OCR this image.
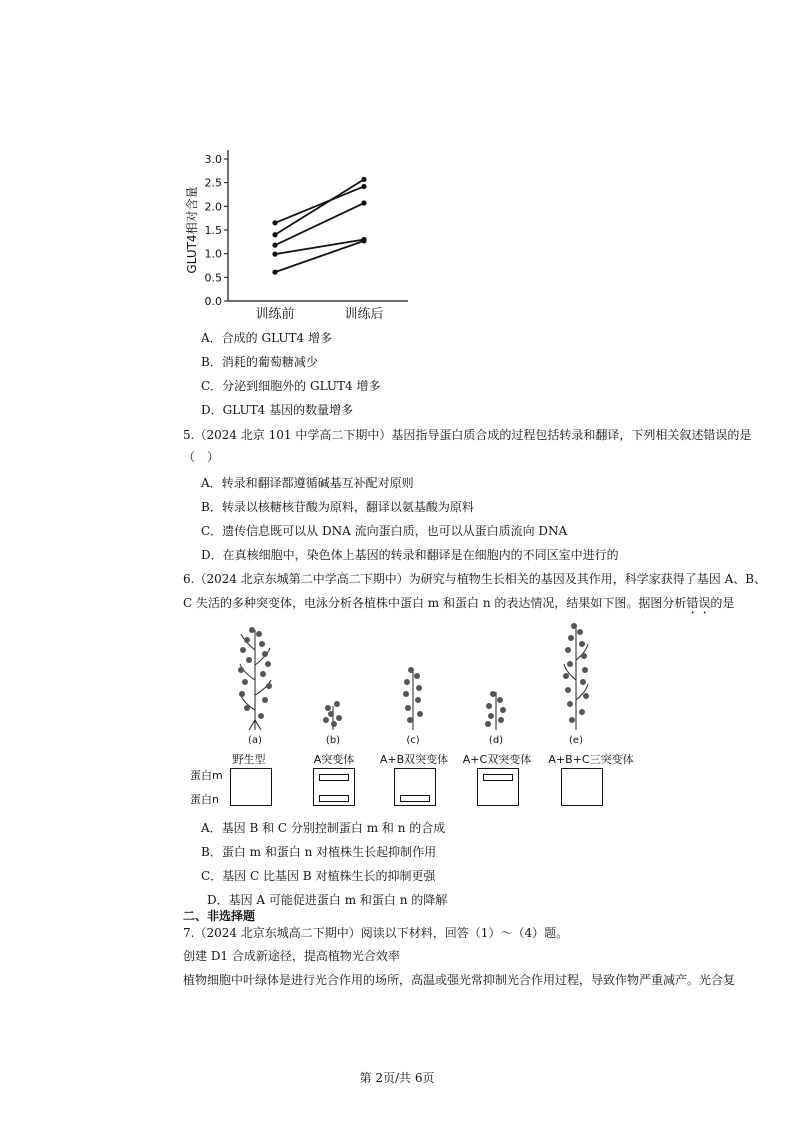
0.0
0.5
1.0
1.5
2.0
2.5
3.0
训练前	训练后
GLUT4相对含量
A．合成的 GLUT4 增多
B．消耗的葡萄糖减少
C．分泌到细胞外的 GLUT4 增多
D．GLUT4 基因的数量增多
5.（2024 北京 101 中学高二下期中）基因指导蛋白质合成的过程包括转录和翻译，下列相关叙述错误的是
（　）
A．转录和翻译都遵循碱基互补配对原则
B．转录以核糖核苷酸为原料，翻译以氨基酸为原料
C．遗传信息既可以从 DNA 流向蛋白质，也可以从蛋白质流向 DNA
D．在真核细胞中，染色体上基因的转录和翻译是在细胞内的不同区室中进行的
6.（2024 北京东城第二中学高二下期中）为研究与植物生长相关的基因及其作用，科学家获得了基因 A、B、
C 失活的多种突变体，电泳分析各植株中蛋白 m 和蛋白 n 的表达情况，结果如下图。据图分析错误的是
(a)	(b)	(c)	(d)	(e)
野生型	A突变体	A+B双突变体	A+C双突变体	A+B+C三突变体
蛋白m
蛋白n
A．基因 B 和 C 分别控制蛋白 m 和 n 的合成
B．蛋白 m 和蛋白 n 对植株生长起抑制作用
C．基因 C 比基因 B 对植株生长的抑制更强
D．基因 A 可能促进蛋白 m 和蛋白 n 的降解
二、非选择题
7.（2024 北京东城高二下期中）阅读以下材料，回答（1）～（4）题。
创建 D1 合成新途径，提高植物光合效率
植物细胞中叶绿体是进行光合作用的场所，高温或强光常抑制光合作用过程，导致作物严重减产。光合复
第 2页/共 6页
